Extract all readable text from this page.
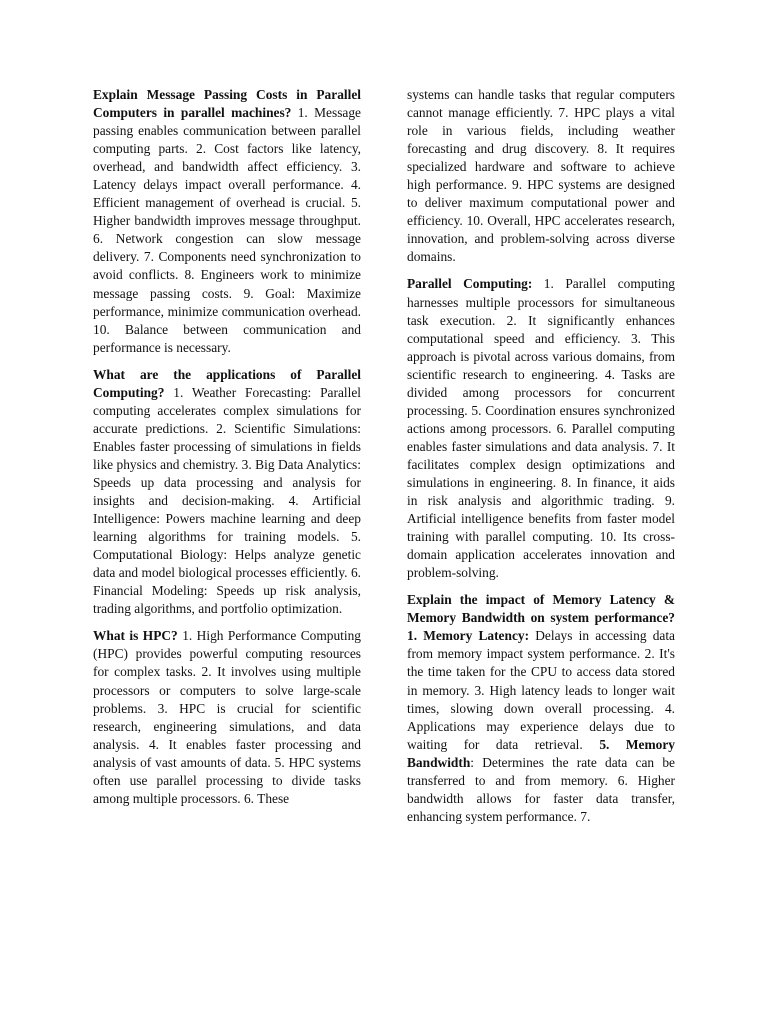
Explain Message Passing Costs in Parallel Computers in parallel machines? 1. Message passing enables communication between parallel computing parts. 2. Cost factors like latency, overhead, and bandwidth affect efficiency. 3. Latency delays impact overall performance. 4. Efficient management of overhead is crucial. 5. Higher bandwidth improves message throughput. 6. Network congestion can slow message delivery. 7. Components need synchronization to avoid conflicts. 8. Engineers work to minimize message passing costs. 9. Goal: Maximize performance, minimize communication overhead. 10. Balance between communication and performance is necessary.

What are the applications of Parallel Computing? 1. Weather Forecasting: Parallel computing accelerates complex simulations for accurate predictions. 2. Scientific Simulations: Enables faster processing of simulations in fields like physics and chemistry. 3. Big Data Analytics: Speeds up data processing and analysis for insights and decision-making. 4. Artificial Intelligence: Powers machine learning and deep learning algorithms for training models. 5. Computational Biology: Helps analyze genetic data and model biological processes efficiently. 6. Financial Modeling: Speeds up risk analysis, trading algorithms, and portfolio optimization.

What is HPC? 1. High Performance Computing (HPC) provides powerful computing resources for complex tasks. 2. It involves using multiple processors or computers to solve large-scale problems. 3. HPC is crucial for scientific research, engineering simulations, and data analysis. 4. It enables faster processing and analysis of vast amounts of data. 5. HPC systems often use parallel processing to divide tasks among multiple processors. 6. These

systems can handle tasks that regular computers cannot manage efficiently. 7. HPC plays a vital role in various fields, including weather forecasting and drug discovery. 8. It requires specialized hardware and software to achieve high performance. 9. HPC systems are designed to deliver maximum computational power and efficiency. 10. Overall, HPC accelerates research, innovation, and problem-solving across diverse domains.

Parallel Computing: 1. Parallel computing harnesses multiple processors for simultaneous task execution. 2. It significantly enhances computational speed and efficiency. 3. This approach is pivotal across various domains, from scientific research to engineering. 4. Tasks are divided among processors for concurrent processing. 5. Coordination ensures synchronized actions among processors. 6. Parallel computing enables faster simulations and data analysis. 7. It facilitates complex design optimizations and simulations in engineering. 8. In finance, it aids in risk analysis and algorithmic trading. 9. Artificial intelligence benefits from faster model training with parallel computing. 10. Its cross-domain application accelerates innovation and problem-solving.

Explain the impact of Memory Latency & Memory Bandwidth on system performance? 1. Memory Latency: Delays in accessing data from memory impact system performance. 2. It's the time taken for the CPU to access data stored in memory. 3. High latency leads to longer wait times, slowing down overall processing. 4. Applications may experience delays due to waiting for data retrieval. 5. Memory Bandwidth: Determines the rate data can be transferred to and from memory. 6. Higher bandwidth allows for faster data transfer, enhancing system performance. 7.
